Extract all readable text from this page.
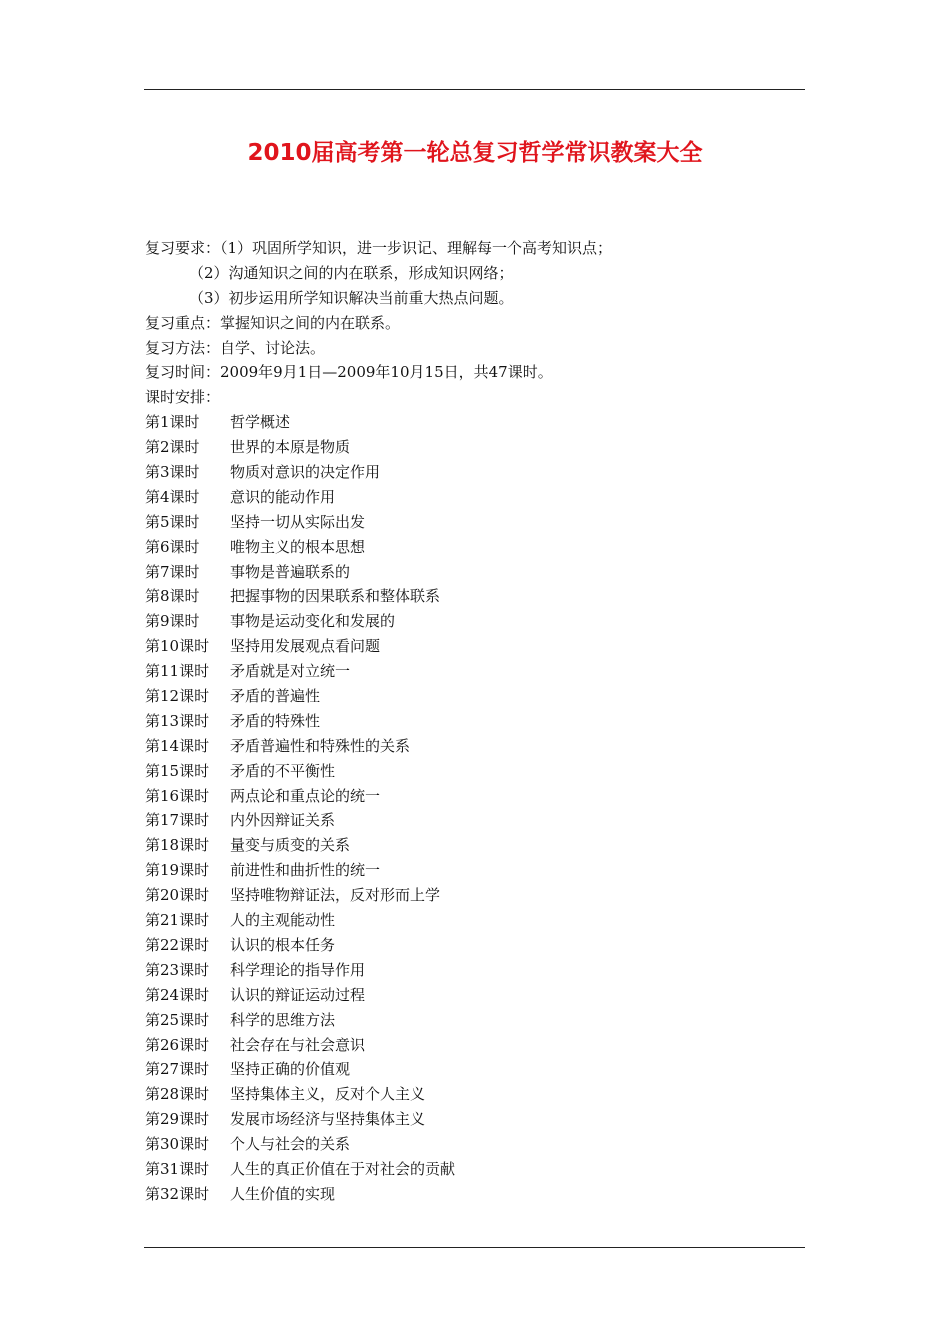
2010届高考第一轮总复习哲学常识教案大全
复习要求：（1）巩固所学知识，进一步识记、理解每一个高考知识点；
（2）沟通知识之间的内在联系，形成知识网络；
（3）初步运用所学知识解决当前重大热点问题。
复习重点：掌握知识之间的内在联系。
复习方法：自学、讨论法。
复习时间：2009年9月1日—2009年10月15日，共47课时。
课时安排：
第1课时 哲学概述
第2课时 世界的本原是物质
第3课时 物质对意识的决定作用
第4课时 意识的能动作用
第5课时 坚持一切从实际出发
第6课时 唯物主义的根本思想
第7课时 事物是普遍联系的
第8课时 把握事物的因果联系和整体联系
第9课时 事物是运动变化和发展的
第10课时 坚持用发展观点看问题
第11课时 矛盾就是对立统一
第12课时 矛盾的普遍性
第13课时 矛盾的特殊性
第14课时 矛盾普遍性和特殊性的关系
第15课时 矛盾的不平衡性
第16课时 两点论和重点论的统一
第17课时 内外因辩证关系
第18课时 量变与质变的关系
第19课时 前进性和曲折性的统一
第20课时 坚持唯物辩证法，反对形而上学
第21课时 人的主观能动性
第22课时 认识的根本任务
第23课时 科学理论的指导作用
第24课时 认识的辩证运动过程
第25课时 科学的思维方法
第26课时 社会存在与社会意识
第27课时 坚持正确的价值观
第28课时 坚持集体主义，反对个人主义
第29课时 发展市场经济与坚持集体主义
第30课时 个人与社会的关系
第31课时 人生的真正价值在于对社会的贡献
第32课时 人生价值的实现
